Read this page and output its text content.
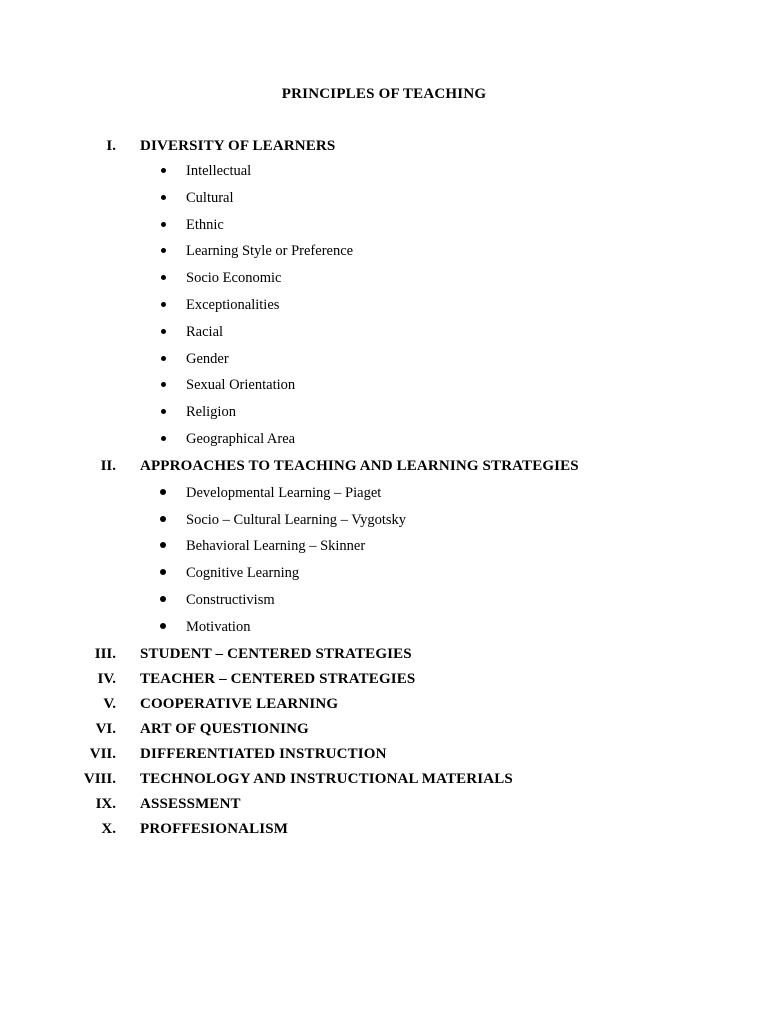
PRINCIPLES OF TEACHING
I. DIVERSITY OF LEARNERS
Intellectual
Cultural
Ethnic
Learning Style or Preference
Socio Economic
Exceptionalities
Racial
Gender
Sexual Orientation
Religion
Geographical Area
II. APPROACHES TO TEACHING AND LEARNING STRATEGIES
Developmental Learning – Piaget
Socio – Cultural Learning – Vygotsky
Behavioral Learning – Skinner
Cognitive Learning
Constructivism
Motivation
III. STUDENT – CENTERED STRATEGIES
IV. TEACHER – CENTERED STRATEGIES
V. COOPERATIVE LEARNING
VI. ART OF QUESTIONING
VII. DIFFERENTIATED INSTRUCTION
VIII. TECHNOLOGY AND INSTRUCTIONAL MATERIALS
IX. ASSESSMENT
X. PROFFESIONALISM
